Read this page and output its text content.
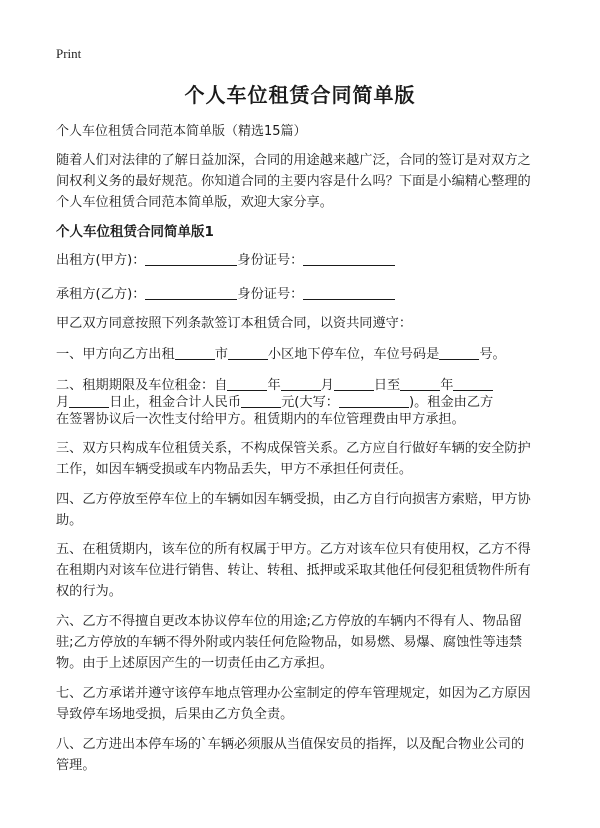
Print
个人车位租赁合同简单版
个人车位租赁合同范本简单版（精选15篇）
随着人们对法律的了解日益加深，合同的用途越来越广泛，合同的签订是对双方之
间权利义务的最好规范。你知道合同的主要内容是什么吗？下面是小编精心整理的
个人车位租赁合同范本简单版，欢迎大家分享。
个人车位租赁合同简单版1
出租方(甲方)：	身份证号：
承租方(乙方)：	身份证号：
甲乙双方同意按照下列条款签订本租赁合同，以资共同遵守：
一、甲方向乙方出租	市	小区地下停车位，车位号码是	号。
二、租期期限及车位租金：自	年	月	日至	年
月	日止，租金合计人民币	元(大写：	)。租金由乙方
在签署协议后一次性支付给甲方。租赁期内的车位管理费由甲方承担。
三、双方只构成车位租赁关系，不构成保管关系。乙方应自行做好车辆的安全防护
工作，如因车辆受损或车内物品丢失，甲方不承担任何责任。
四、乙方停放至停车位上的车辆如因车辆受损，由乙方自行向损害方索赔，甲方协
助。
五、在租赁期内，该车位的所有权属于甲方。乙方对该车位只有使用权，乙方不得
在租期内对该车位进行销售、转让、转租、抵押或采取其他任何侵犯租赁物件所有
权的行为。
六、乙方不得擅自更改本协议停车位的用途;乙方停放的车辆内不得有人、物品留
驻;乙方停放的车辆不得外附或内装任何危险物品，如易燃、易爆、腐蚀性等违禁
物。由于上述原因产生的一切责任由乙方承担。
七、乙方承诺并遵守该停车地点管理办公室制定的停车管理规定，如因为乙方原因
导致停车场地受损，后果由乙方负全责。
八、乙方进出本停车场的`车辆必须服从当值保安员的指挥，以及配合物业公司的
管理。
